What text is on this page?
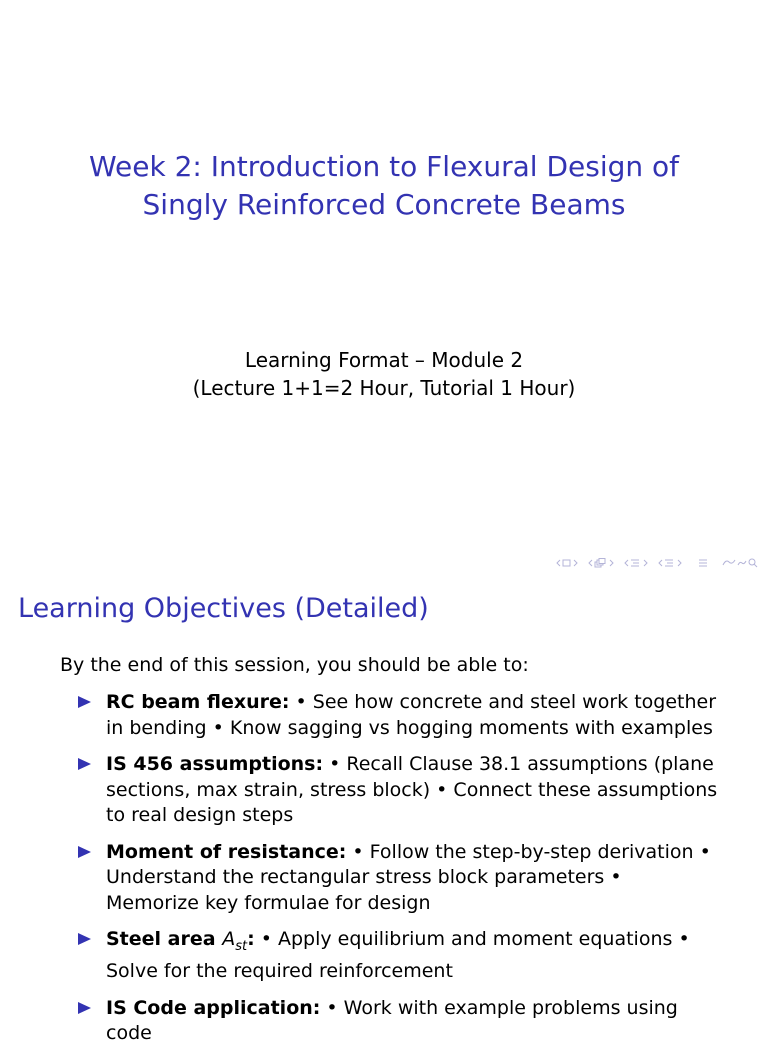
Week 2: Introduction to Flexural Design of
Singly Reinforced Concrete Beams
Learning Format – Module 2
(Lecture 1+1=2 Hour, Tutorial 1 Hour)
Learning Objectives (Detailed)
By the end of this session, you should be able to:
RC beam flexure: • See how concrete and steel work together in bending • Know sagging vs hogging moments with examples
IS 456 assumptions: • Recall Clause 38.1 assumptions (plane sections, max strain, stress block) • Connect these assumptions to real design steps
Moment of resistance: • Follow the step-by-step derivation • Understand the rectangular stress block parameters • Memorize key formulae for design
Steel area $A_{st}$: • Apply equilibrium and moment equations • Solve for the required reinforcement
IS Code application: • Work with example problems using code
